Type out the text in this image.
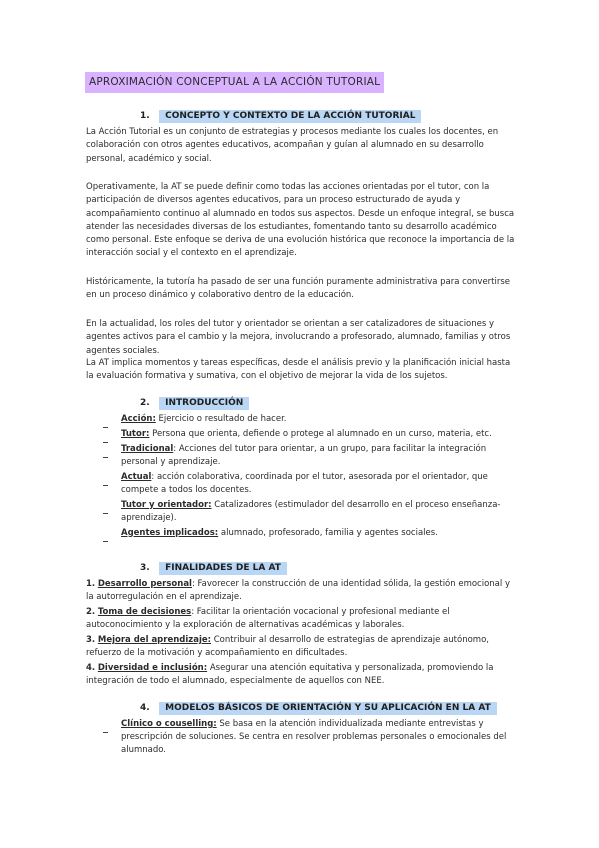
APROXIMACIÓN CONCEPTUAL A LA ACCIÓN TUTORIAL
1. CONCEPTO Y CONTEXTO DE LA ACCIÓN TUTORIAL
La Acción Tutorial es un conjunto de estrategias y procesos mediante los cuales los docentes, en colaboración con otros agentes educativos, acompañan y guían al alumnado en su desarrollo personal, académico y social.
Operativamente, la AT se puede definir como todas las acciones orientadas por el tutor, con la participación de diversos agentes educativos, para un proceso estructurado de ayuda y acompañamiento continuo al alumnado en todos sus aspectos. Desde un enfoque integral, se busca atender las necesidades diversas de los estudiantes, fomentando tanto su desarrollo académico como personal. Este enfoque se deriva de una evolución histórica que reconoce la importancia de la interacción social y el contexto en el aprendizaje.
Históricamente, la tutoría ha pasado de ser una función puramente administrativa para convertirse en un proceso dinámico y colaborativo dentro de la educación.
En la actualidad, los roles del tutor y orientador se orientan a ser catalizadores de situaciones y agentes activos para el cambio y la mejora, involucrando a profesorado, alumnado, familias y otros agentes sociales.
La AT implica momentos y tareas específicas, desde el análisis previo y la planificación inicial hasta la evaluación formativa y sumativa, con el objetivo de mejorar la vida de los sujetos.
2. INTRODUCCIÓN
Acción: Ejercicio o resultado de hacer.
Tutor: Persona que orienta, defiende o protege al alumnado en un curso, materia, etc.
Tradicional: Acciones del tutor para orientar, a un grupo, para facilitar la integración personal y aprendizaje.
Actual: acción colaborativa, coordinada por el tutor, asesorada por el orientador, que compete a todos los docentes.
Tutor y orientador: Catalizadores (estimulador del desarrollo en el proceso enseñanza-aprendizaje).
Agentes implicados: alumnado, profesorado, familia y agentes sociales.
3. FINALIDADES DE LA AT
1. Desarrollo personal: Favorecer la construcción de una identidad sólida, la gestión emocional y la autorregulación en el aprendizaje.
2. Toma de decisiones: Facilitar la orientación vocacional y profesional mediante el autoconocimiento y la exploración de alternativas académicas y laborales.
3. Mejora del aprendizaje: Contribuir al desarrollo de estrategias de aprendizaje autónomo, refuerzo de la motivación y acompañamiento en dificultades.
4. Diversidad e inclusión: Asegurar una atención equitativa y personalizada, promoviendo la integración de todo el alumnado, especialmente de aquellos con NEE.
4. MODELOS BÁSICOS DE ORIENTACIÓN Y SU APLICACIÓN EN LA AT
Clínico o couselling: Se basa en la atención individualizada mediante entrevistas y prescripción de soluciones. Se centra en resolver problemas personales o emocionales del alumnado.
